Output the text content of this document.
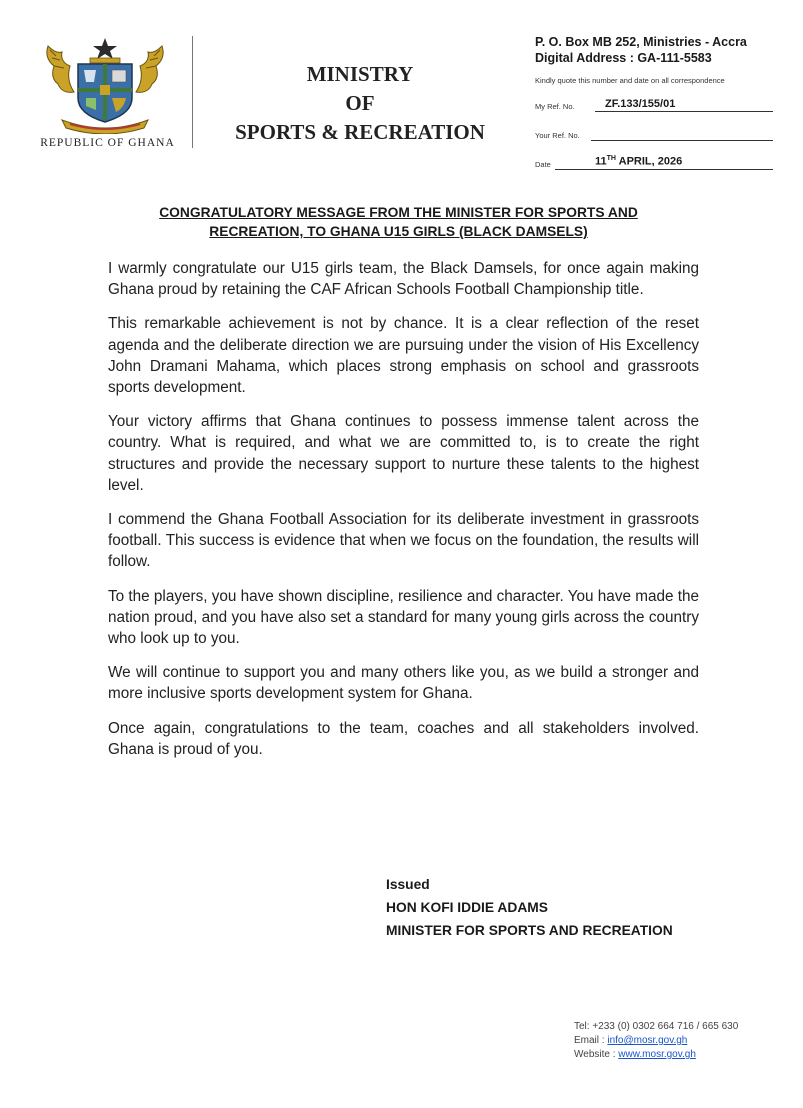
REPUBLIC OF GHANA
MINISTRY
OF
SPORTS & RECREATION
P. O. Box MB 252, Ministries - Accra
Digital Address : GA-111-5583
Kindly quote this number and date on all correspondence
My Ref. No.	ZF.133/155/01
Your Ref. No.
Date	11TH APRIL, 2026
CONGRATULATORY MESSAGE FROM THE MINISTER FOR SPORTS AND
RECREATION, TO GHANA U15 GIRLS (BLACK DAMSELS)

I warmly congratulate our U15 girls team, the Black Damsels, for once again making Ghana proud by retaining the CAF African Schools Football Championship title.

This remarkable achievement is not by chance. It is a clear reflection of the reset agenda and the deliberate direction we are pursuing under the vision of His Excellency John Dramani Mahama, which places strong emphasis on school and grassroots sports development.

Your victory affirms that Ghana continues to possess immense talent across the country. What is required, and what we are committed to, is to create the right structures and provide the necessary support to nurture these talents to the highest level.

I commend the Ghana Football Association for its deliberate investment in grassroots football. This success is evidence that when we focus on the foundation, the results will follow.

To the players, you have shown discipline, resilience and character. You have made the nation proud, and you have also set a standard for many young girls across the country who look up to you.

We will continue to support you and many others like you, as we build a stronger and more inclusive sports development system for Ghana.

Once again, congratulations to the team, coaches and all stakeholders involved. Ghana is proud of you.

Issued
HON KOFI IDDIE ADAMS
MINISTER FOR SPORTS AND RECREATION
Tel: +233 (0) 0302 664 716 / 665 630
Email : info@mosr.gov.gh
Website : www.mosr.gov.gh
